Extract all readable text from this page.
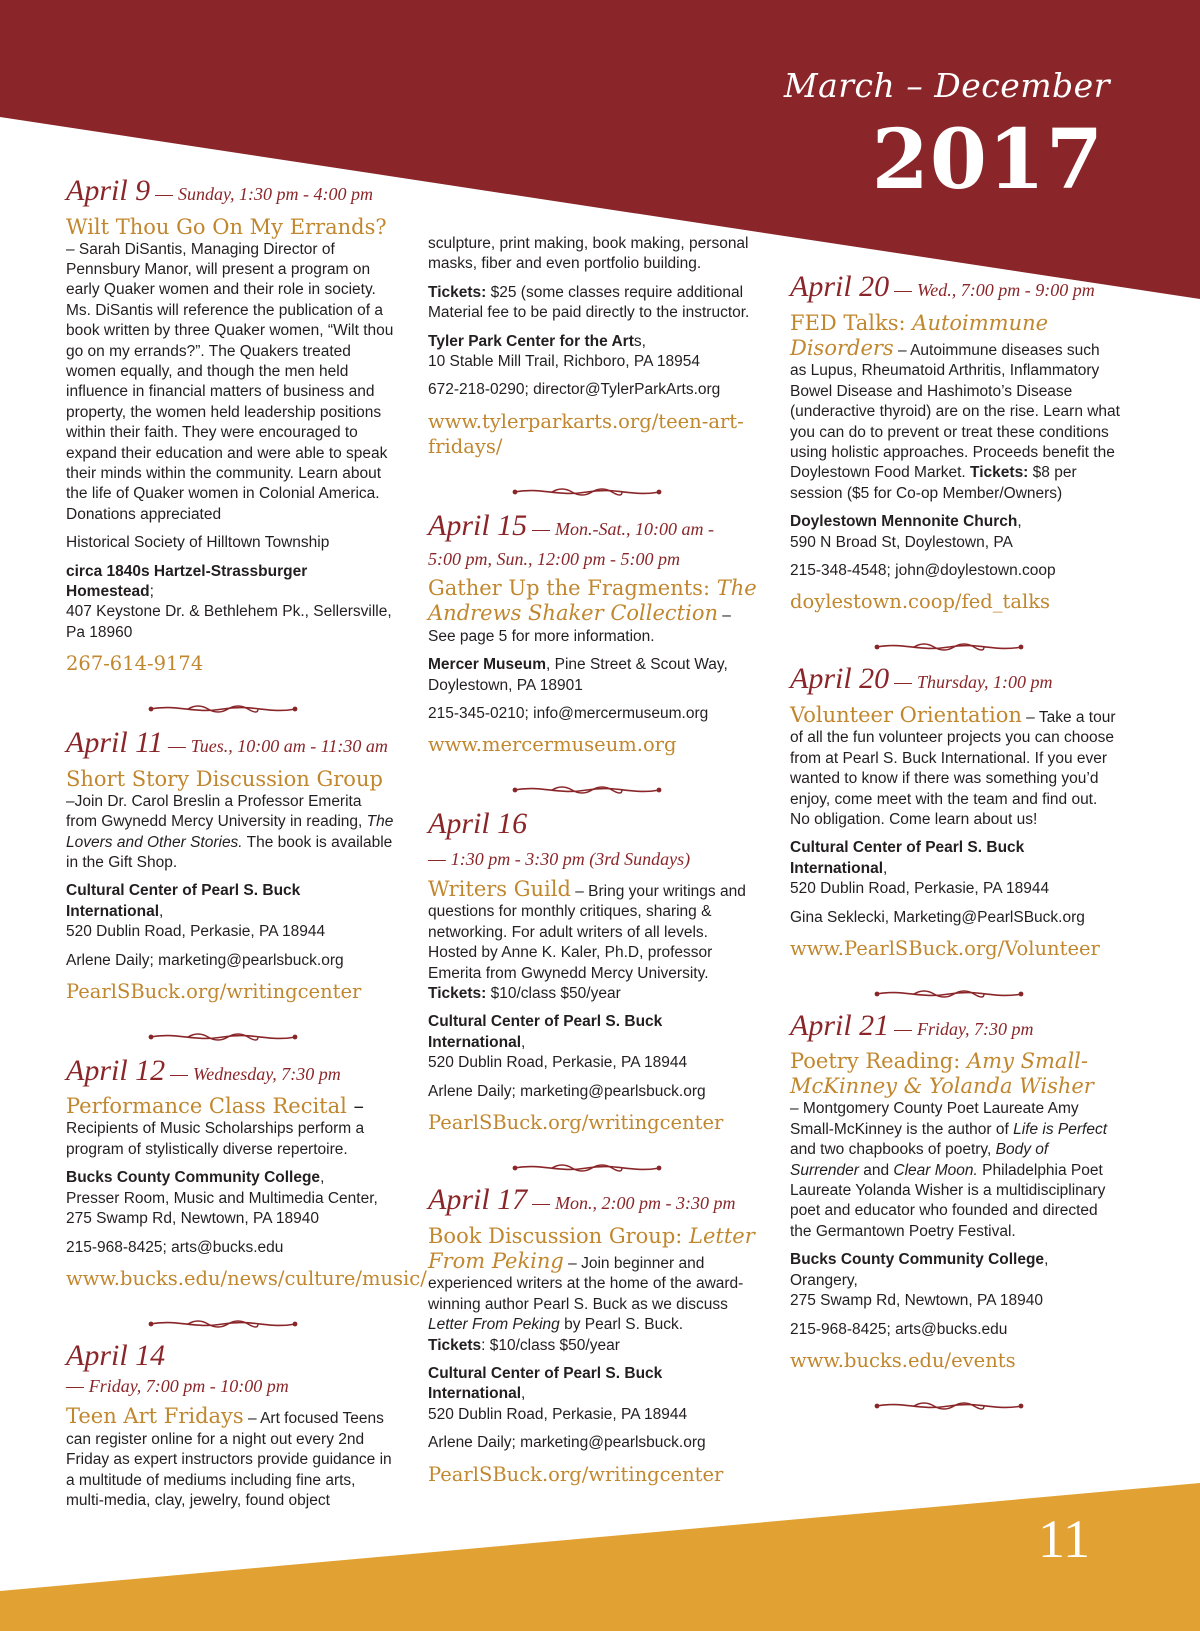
March – December
2017
11
April 9 — Sunday, 1:30 pm - 4:00 pm
Wilt Thou Go On My Errands?

– Sarah DiSantis, Managing Director of Pennsbury Manor, will present a program on early Quaker women and their role in society. Ms. DiSantis will reference the publication of a book written by three Quaker women, “Wilt thou go on my errands?”. The Quakers treated women equally, and though the men held influence in financial matters of business and property, the women held leadership positions within their faith. They were encouraged to expand their education and were able to speak their minds within the community. Learn about the life of Quaker women in Colonial America. Donations appreciated

Historical Society of Hilltown Township

circa 1840s Hartzel-Strassburger Homestead;
407 Keystone Dr. & Bethlehem Pk., Sellersville, Pa 18960

267-614-9174
April 11 — Tues., 10:00 am - 11:30 am
Short Story Discussion Group

–Join Dr. Carol Breslin a Professor Emerita from Gwynedd Mercy University in reading, The Lovers and Other Stories. The book is available in the Gift Shop.

Cultural Center of Pearl S. Buck International,
520 Dublin Road, Perkasie, PA 18944

Arlene Daily; marketing@pearlsbuck.org

PearlSBuck.org/writingcenter
April 12 — Wednesday, 7:30 pm
Performance Class Recital –

Recipients of Music Scholarships perform a program of stylistically diverse repertoire.

Bucks County Community College,
Presser Room, Music and Multimedia Center, 275 Swamp Rd, Newtown, PA 18940

215-968-8425; arts@bucks.edu

www.bucks.edu/news/culture/music/
April 14
— Friday, 7:00 pm - 10:00 pm

Teen Art Fridays – Art focused Teens can register online for a night out every 2nd Friday as expert instructors provide guidance in a multitude of mediums including fine arts, multi-media, clay, jewelry, found object

sculpture, print making, book making, personal masks, fiber and even portfolio building.

Tickets: $25 (some classes require additional Material fee to be paid directly to the instructor.

Tyler Park Center for the Arts,
10 Stable Mill Trail, Richboro, PA 18954

672-218-0290; director@TylerParkArts.org

www.tylerparkarts.org/teen-art-fridays/
April 15 — Mon.-Sat., 10:00 am -
5:00 pm, Sun., 12:00 pm - 5:00 pm

Gather Up the Fragments: The Andrews Shaker Collection – See page 5 for more information.

Mercer Museum, Pine Street & Scout Way, Doylestown, PA 18901

215-345-0210; info@mercermuseum.org

www.mercermuseum.org
April 16
— 1:30 pm - 3:30 pm (3rd Sundays)

Writers Guild – Bring your writings and questions for monthly critiques, sharing & networking. For adult writers of all levels. Hosted by Anne K. Kaler, Ph.D, professor Emerita from Gwynedd Mercy University.
Tickets: $10/class $50/year

Cultural Center of Pearl S. Buck International,
520 Dublin Road, Perkasie, PA 18944

Arlene Daily; marketing@pearlsbuck.org

PearlSBuck.org/writingcenter
April 17 — Mon., 2:00 pm - 3:30 pm

Book Discussion Group: Letter From Peking – Join beginner and experienced writers at the home of the award-winning author Pearl S. Buck as we discuss Letter From Peking by Pearl S. Buck.
Tickets: $10/class $50/year

Cultural Center of Pearl S. Buck International,
520 Dublin Road, Perkasie, PA 18944

Arlene Daily; marketing@pearlsbuck.org

PearlSBuck.org/writingcenter
April 20 — Wed., 7:00 pm - 9:00 pm

FED Talks: Autoimmune Disorders – Autoimmune diseases such as Lupus, Rheumatoid Arthritis, Inflammatory Bowel Disease and Hashimoto’s Disease (underactive thyroid) are on the rise. Learn what you can do to prevent or treat these conditions using holistic approaches. Proceeds benefit the Doylestown Food Market. Tickets: $8 per session ($5 for Co-op Member/Owners)

Doylestown Mennonite Church,
590 N Broad St, Doylestown, PA

215-348-4548; john@doylestown.coop

doylestown.coop/fed_talks
April 20 — Thursday, 1:00 pm

Volunteer Orientation – Take a tour of all the fun volunteer projects you can choose from at Pearl S. Buck International. If you ever wanted to know if there was something you’d enjoy, come meet with the team and find out. No obligation. Come learn about us!

Cultural Center of Pearl S. Buck International,
520 Dublin Road, Perkasie, PA 18944

Gina Seklecki, Marketing@PearlSBuck.org

www.PearlSBuck.org/Volunteer
April 21 — Friday, 7:30 pm
Poetry Reading: Amy Small-McKinney & Yolanda Wisher

– Montgomery County Poet Laureate Amy Small-McKinney is the author of Life is Perfect and two chapbooks of poetry, Body of Surrender and Clear Moon. Philadelphia Poet Laureate Yolanda Wisher is a multidisciplinary poet and educator who founded and directed the Germantown Poetry Festival.

Bucks County Community College, Orangery,
275 Swamp Rd, Newtown, PA 18940

215-968-8425; arts@bucks.edu

www.bucks.edu/events
